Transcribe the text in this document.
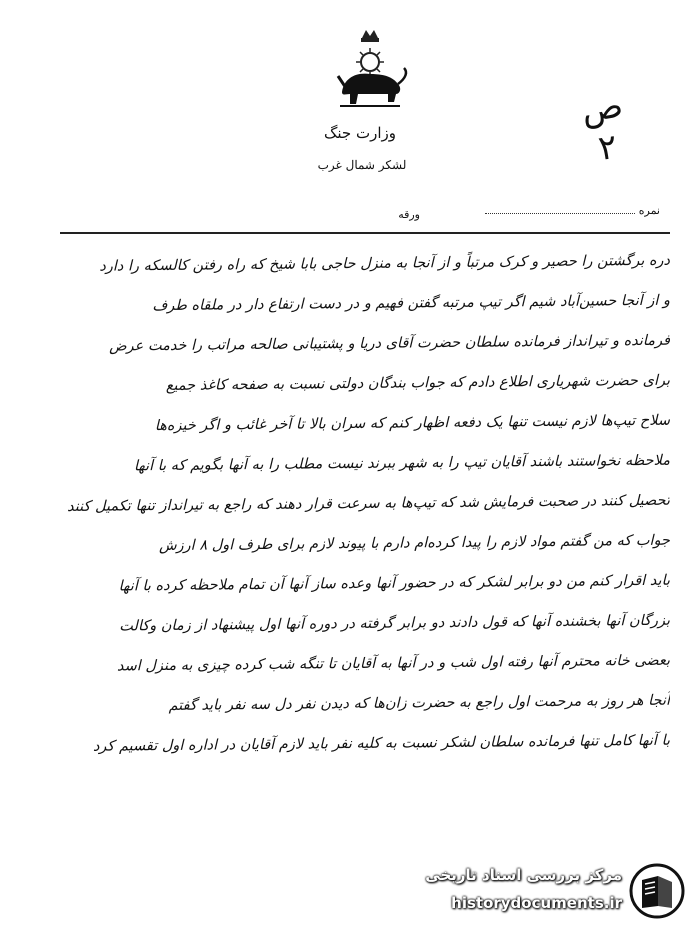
ص ٢
وزارت جنگ
لشکر شمال غرب
نمره
ورقه
دره برگشتن را حصیر و کرک مرتباً و از آنجا به منزل حاجی بابا شیخ که راه رفتن کالسکه را دارد
و از آنجا حسین‌آباد شیم اگر تیپ مرتبه گفتن فهیم و در دست ارتفاع دار در ملقاه طرف
فرمانده و تیرانداز فرمانده سلطان حضرت آقای دریا و پشتیبانی صالحه مراتب را خدمت عرض
برای حضرت شهریاری اطلاع دادم که جواب بندگان دولتی نسبت به صفحه کاغذ جمیع
سلاح تیپ‌ها لازم نیست تنها یک دفعه اظهار کنم که سران بالا تا آخر غائب و اگر خیزه‌ها
ملاحظه نخواستند باشند آقایان تیپ را به شهر ببرند نیست مطلب را به آنها بگویم که با آنها
تحصیل کنند در صحبت فرمایش شد که تیپ‌ها به سرعت قرار دهند که راجع به تیرانداز تنها تکمیل کنند
جواب که من گفتم مواد لازم را پیدا کرده‌ام دارم با پیوند لازم برای طرف اول ۸ ارزش
باید اقرار کنم من دو برابر لشکر که در حضور آنها وعده ساز آنها آن تمام ملاحظه کرده با آنها
بزرگان آنها بخشنده آنها که قول دادند دو برابر گرفته در دوره آنها اول پیشنهاد از زمان وکالت
بعضی خانه محترم آنها رفته اول شب و در آنها به آقایان تا تنگه شب کرده چیزی به منزل اسد
آنجا هر روز به مرحمت اول راجع به حضرت زان‌ها که دیدن نفر دل سه نفر باید گفتم
با آنها کامل تنها فرمانده سلطان لشکر نسبت به کلیه نفر باید لازم آقایان در اداره اول تقسیم کرد
مرکز بررسی اسناد تاریخی
historydocuments.ir
